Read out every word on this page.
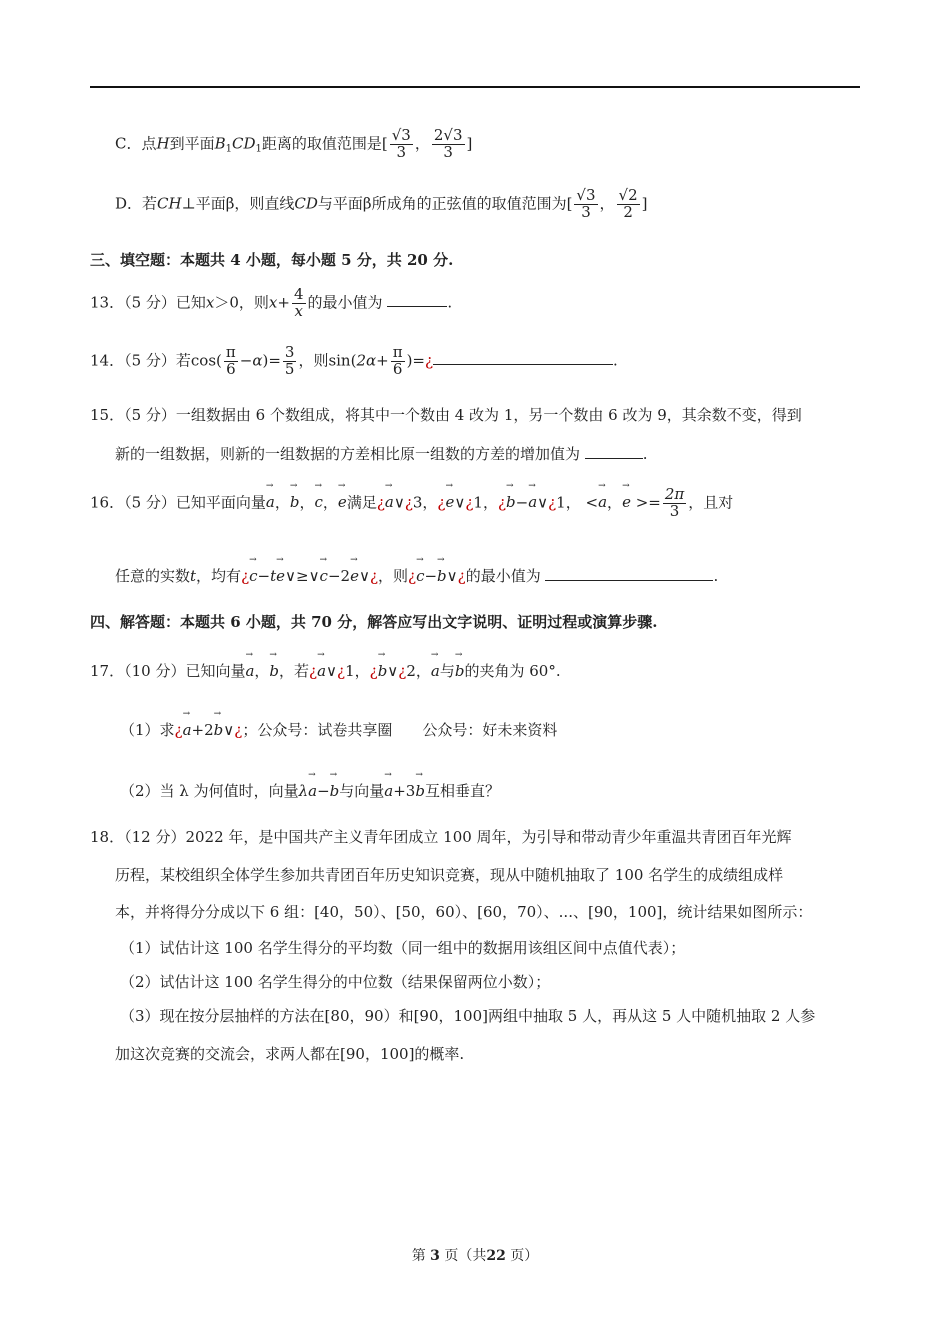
C．点H到平面$B_1CD_1$距离的取值范围是[ $\frac{√3}{3}$ ， $\frac{2√3}{3}$ ]
D．若CH⊥平面β，则直线CD与平面β所成角的正弦值的取值范围为[ $\frac{√3}{3}$ ， $\frac{√2}{2}$ ]
三、填空题：本题共 4 小题，每小题 5 分，共 20 分.
13．（5 分）已知x＞0，则$x+ \frac{4}{x}$ 的最小值为	.
14．（5 分）若$\cos( \frac{\pi}{6} -\alpha)= \frac{3}{5}$ ，则$\sin(2\alpha+ \frac{\pi}{6}$ )=¿	.
15．（5 分）一组数据由 6 个数组成，将其中一个数由 4 改为 1，另一个数由 6 改为 9，其余数不变，得到
新的一组数据，则新的一组数据的方差相比原一组数的方差的增加值为	.
16．（5 分）已知平面向量→ a，→ b，→ c，→ e满足¿→ a∨¿3，¿→ e∨¿1，¿→ b−→ a∨¿1， <→ a，→ $e >= \frac{2\pi}{3}$ ，且对
任意的实数t，均有¿→ c−t→ e∨≥∨→ c−2→ e∨¿，则¿→ c−→ b∨¿的最小值为	.
四、解答题：本题共 6 小题，共 70 分，解答应写出文字说明、证明过程或演算步骤.
17．（10 分）已知向量→ a，→ b，若¿→ a∨¿1，¿→ b∨¿2，→ a与→ b的夹角为 60°.
（1）求¿→ a+2→ b∨¿；公众号：试卷共享圈　　公众号：好未来资料
（2）当 λ 为何值时，向量λ→ a−→ b与向量→ a+3→ b互相垂直？
18．（12 分）2022 年，是中国共产主义青年团成立 100 周年，为引导和带动青少年重温共青团百年光辉
历程，某校组织全体学生参加共青团百年历史知识竞赛，现从中随机抽取了 100 名学生的成绩组成样
本，并将得分分成以下 6 组：[40，50）、[50，60）、[60，70）、...、[90，100]，统计结果如图所示：
（1）试估计这 100 名学生得分的平均数（同一组中的数据用该组区间中点值代表）；
（2）试估计这 100 名学生得分的中位数（结果保留两位小数）；
（3）现在按分层抽样的方法在[80，90）和[90，100]两组中抽取 5 人，再从这 5 人中随机抽取 2 人参
加这次竞赛的交流会，求两人都在[90，100]的概率.
第 3 页（共22 页）
